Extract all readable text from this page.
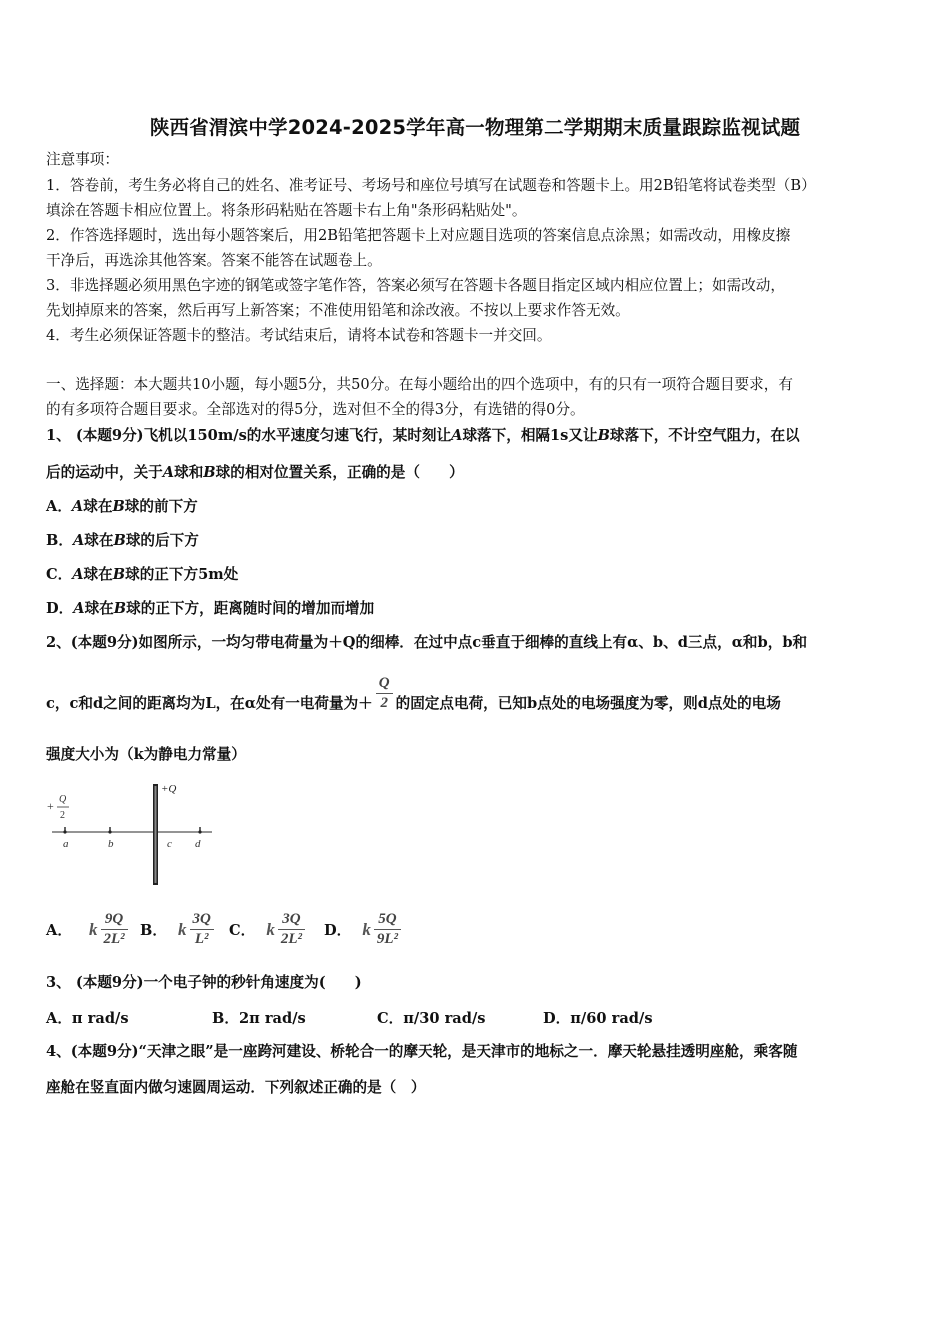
陕西省渭滨中学2024-2025学年高一物理第二学期期末质量跟踪监视试题
注意事项：
1．答卷前，考生务必将自己的姓名、准考证号、考场号和座位号填写在试题卷和答题卡上。用2B铅笔将试卷类型（B）
填涂在答题卡相应位置上。将条形码粘贴在答题卡右上角"条形码粘贴处"。
2．作答选择题时，选出每小题答案后，用2B铅笔把答题卡上对应题目选项的答案信息点涂黑；如需改动，用橡皮擦
干净后，再选涂其他答案。答案不能答在试题卷上。
3．非选择题必须用黑色字迹的钢笔或签字笔作答，答案必须写在答题卡各题目指定区域内相应位置上；如需改动，
先划掉原来的答案，然后再写上新答案；不准使用铅笔和涂改液。不按以上要求作答无效。
4．考生必须保证答题卡的整洁。考试结束后，请将本试卷和答题卡一并交回。
一、选择题：本大题共10小题，每小题5分，共50分。在每小题给出的四个选项中，有的只有一项符合题目要求，有
的有多项符合题目要求。全部选对的得5分，选对但不全的得3分，有选错的得0分。
1、 (本题9分)飞机以150m/s的水平速度匀速飞行，某时刻让A球落下，相隔1s又让B球落下，不计空气阻力，在以
后的运动中，关于A球和B球的相对位置关系，正确的是（　　）
A．A球在B球的前下方
B．A球在B球的后下方
C．A球在B球的正下方5m处
D．A球在B球的正下方，距离随时间的增加而增加
2、(本题9分)如图所示，一均匀带电荷量为＋Q的细棒．在过中点c垂直于细棒的直线上有α、b、d三点，α和b，b和
c，c和d之间的距离均为L，在α处有一电荷量为＋ $\frac{Q}{2}$ 的固定点电荷，已知b点处的电场强度为零，则d点处的电场
强度大小为（k为静电力常量）
+Q
+ Q
2
a	b	c d
A． k $\frac{9Q}{\text{2L²}}$ B． k $\frac{3Q}{\text{L²}}$ C． k $\frac{3Q}{\text{2L²}}$ D． k $\frac{5Q}{\text{9L²}}$
3、 (本题9分)一个电子钟的秒针角速度为(　　)
A．π rad/s	B．2π rad/s	C．π/30 rad/s	D．π/60 rad/s
4、(本题9分)“天津之眼”是一座跨河建设、桥轮合一的摩天轮，是天津市的地标之一．摩天轮悬挂透明座舱，乘客随
座舱在竖直面内做匀速圆周运动．下列叙述正确的是（　）
